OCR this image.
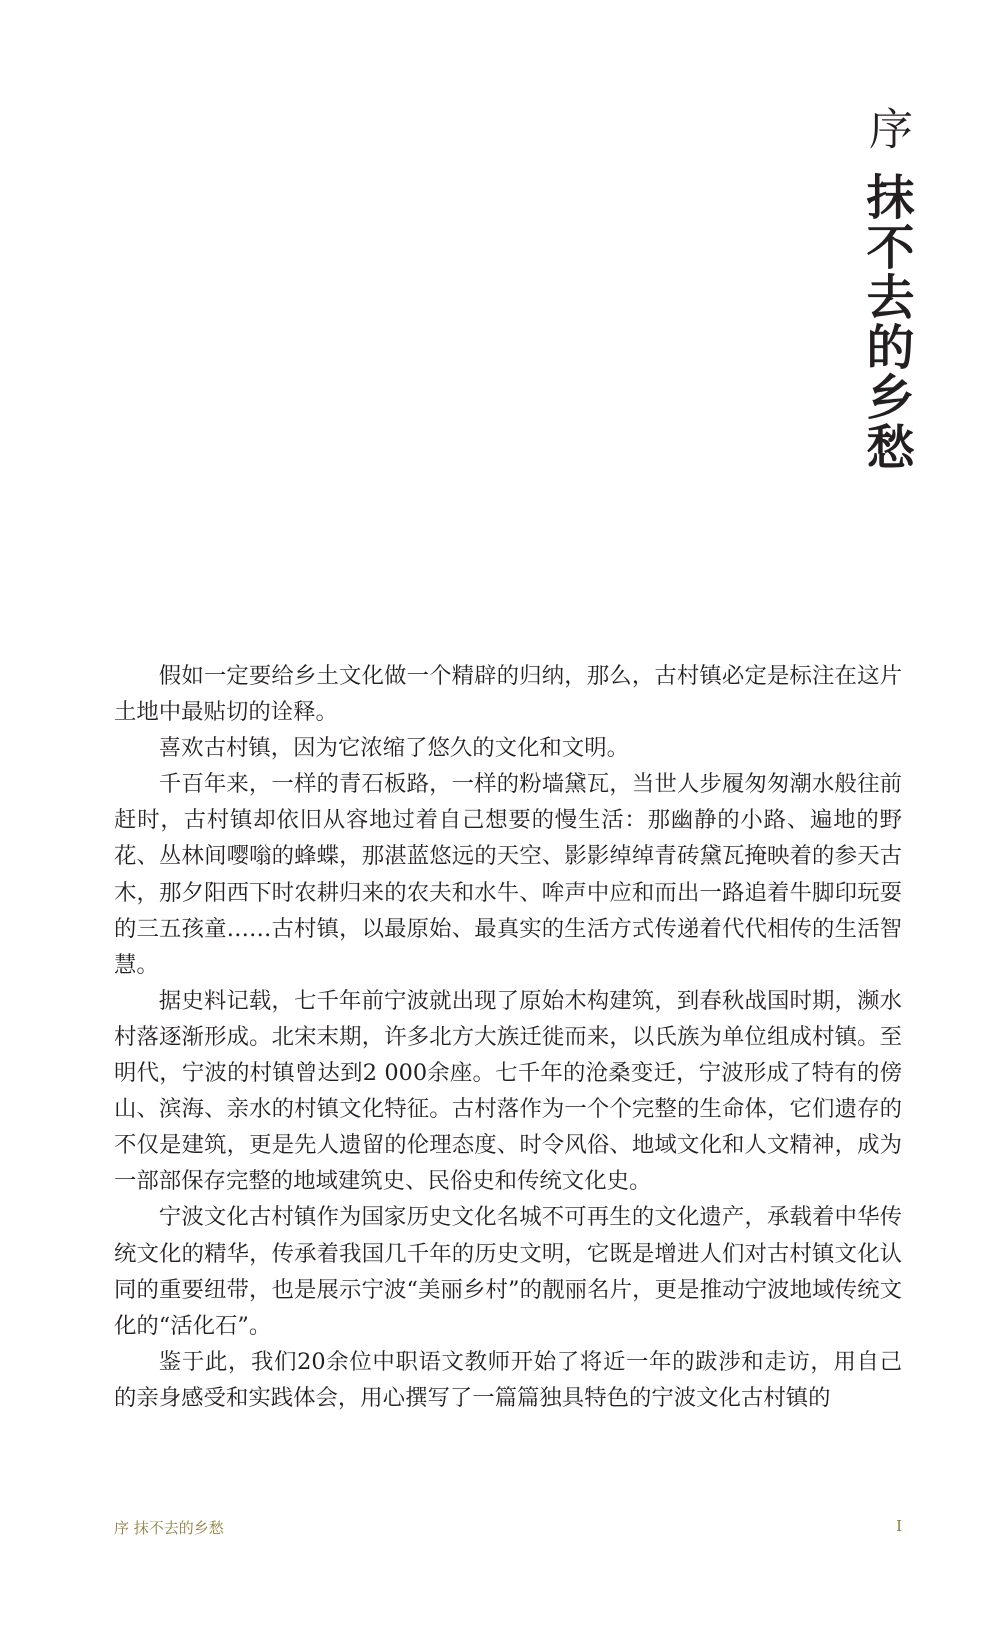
序
抹不去的乡愁

假如一定要给乡土文化做一个精辟的归纳，那么，古村镇必定是标注在这片土地中最贴切的诠释。

喜欢古村镇，因为它浓缩了悠久的文化和文明。

千百年来，一样的青石板路，一样的粉墙黛瓦，当世人步履匆匆潮水般往前赶时，古村镇却依旧从容地过着自己想要的慢生活：那幽静的小路、遍地的野花、丛林间嘤嗡的蜂蝶，那湛蓝悠远的天空、影影绰绰青砖黛瓦掩映着的参天古木，那夕阳西下时农耕归来的农夫和水牛、哞声中应和而出一路追着牛脚印玩耍的三五孩童……古村镇，以最原始、最真实的生活方式传递着代代相传的生活智慧。

据史料记载，七千年前宁波就出现了原始木构建筑，到春秋战国时期，濒水村落逐渐形成。北宋末期，许多北方大族迁徙而来，以氏族为单位组成村镇。至明代，宁波的村镇曾达到2 000余座。七千年的沧桑变迁，宁波形成了特有的傍山、滨海、亲水的村镇文化特征。古村落作为一个个完整的生命体，它们遗存的不仅是建筑，更是先人遗留的伦理态度、时令风俗、地域文化和人文精神，成为一部部保存完整的地域建筑史、民俗史和传统文化史。

宁波文化古村镇作为国家历史文化名城不可再生的文化遗产，承载着中华传统文化的精华，传承着我国几千年的历史文明，它既是增进人们对古村镇文化认同的重要纽带，也是展示宁波“美丽乡村”的靓丽名片，更是推动宁波地域传统文化的“活化石”。

鉴于此，我们20余位中职语文教师开始了将近一年的跋涉和走访，用自己的亲身感受和实践体会，用心撰写了一篇篇独具特色的宁波文化古村镇的

序 抹不去的乡愁	I
